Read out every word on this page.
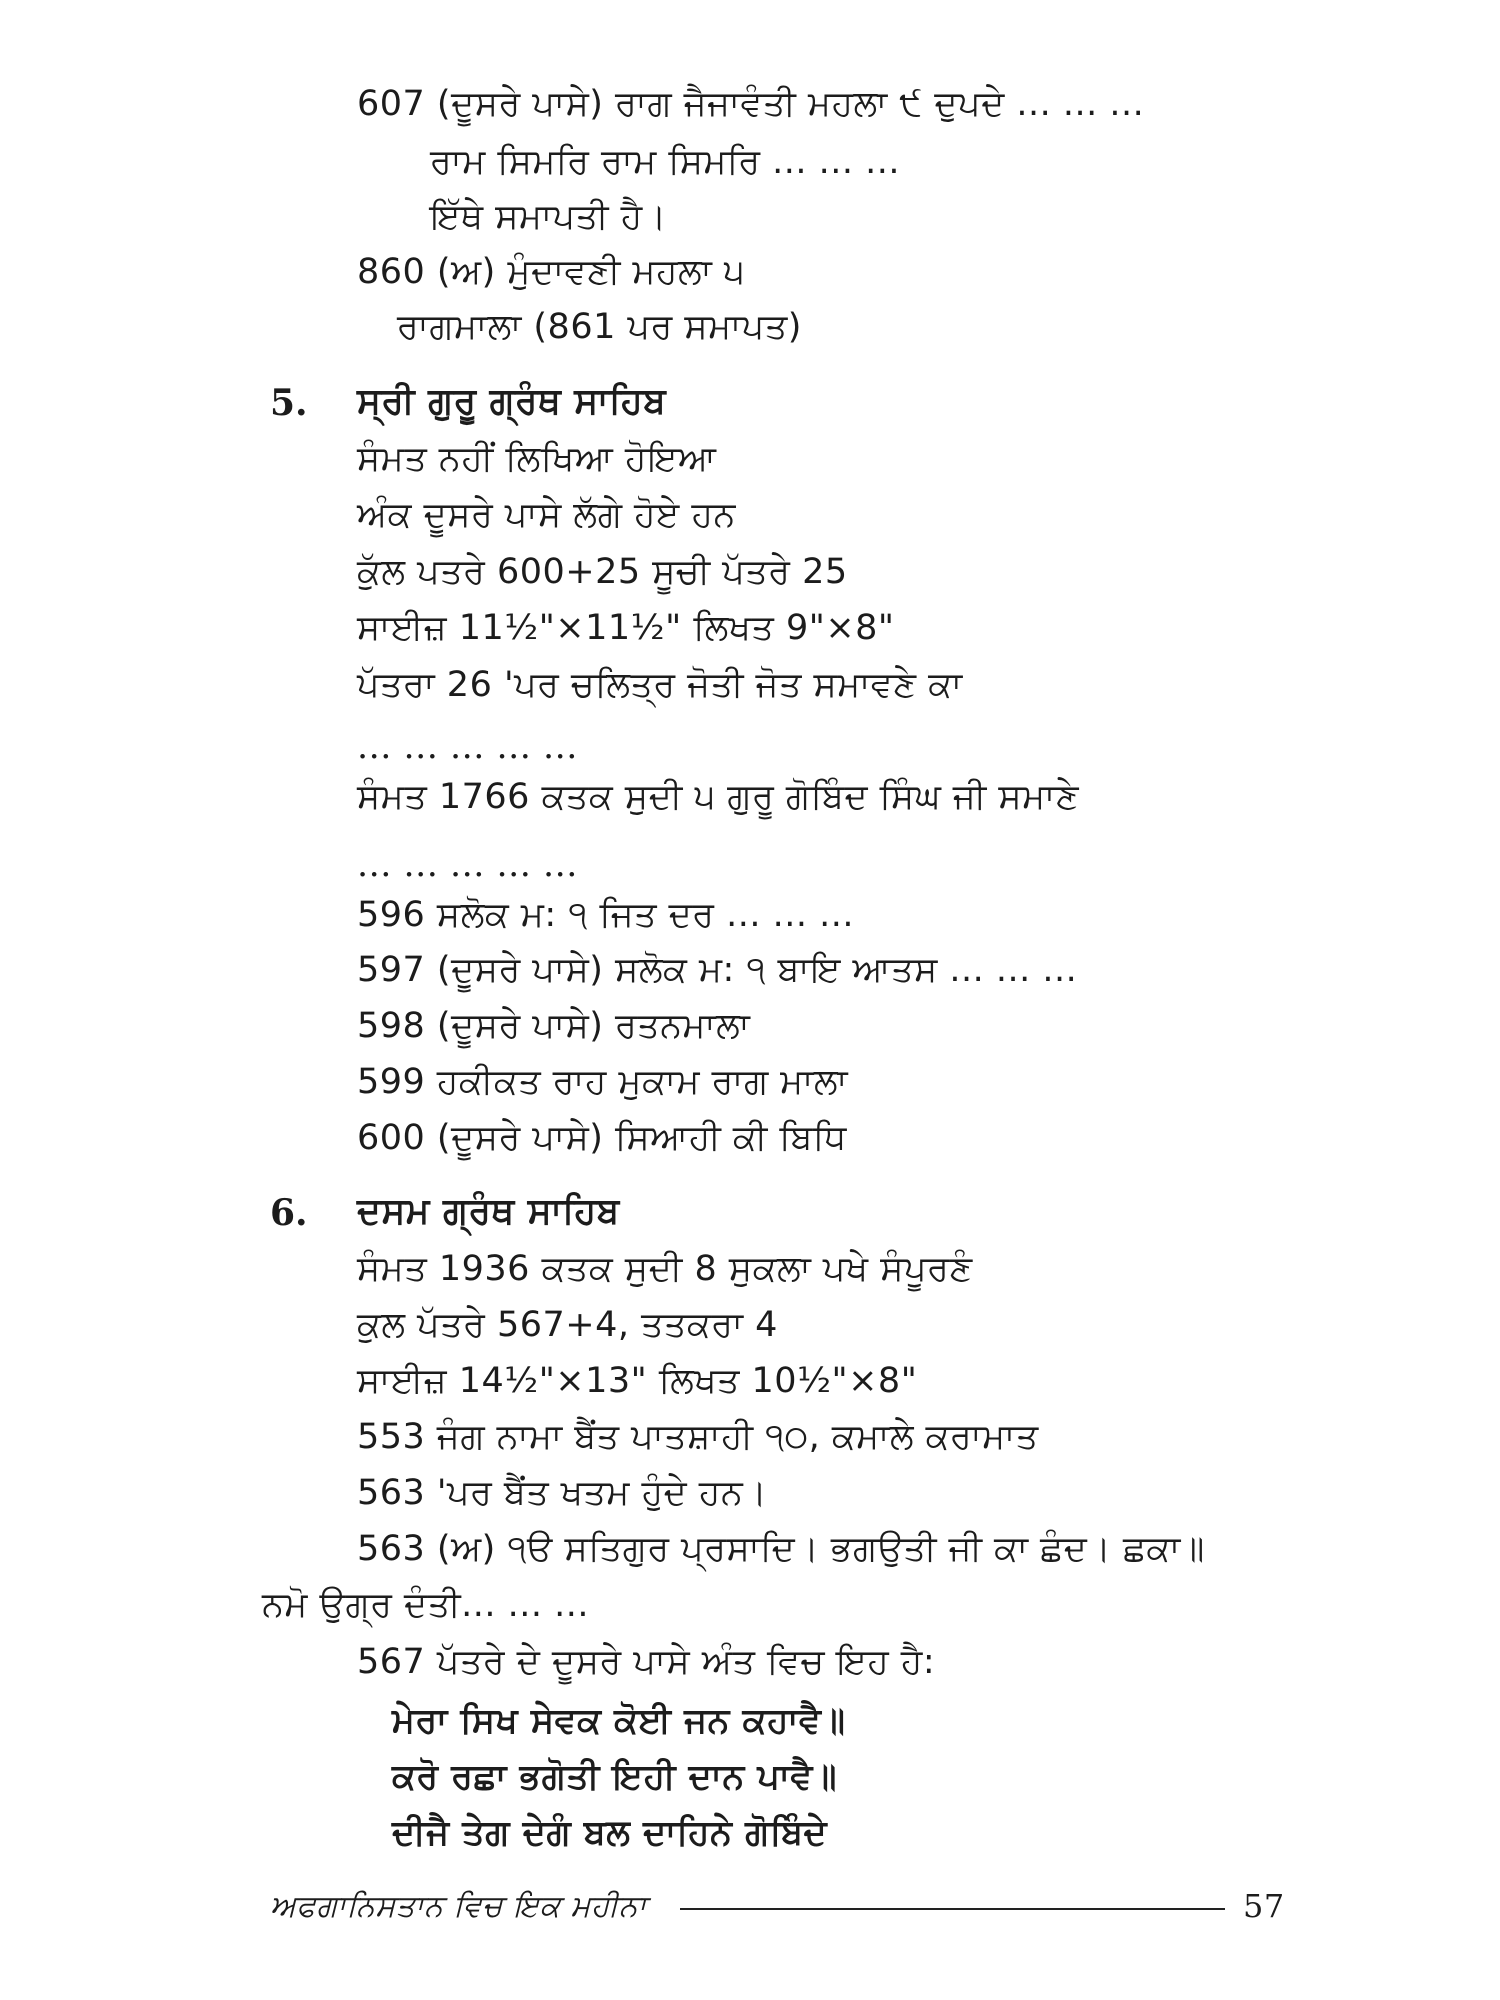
607 (ਦੂਸਰੇ ਪਾਸੇ) ਰਾਗ ਜੈਜਾਵੰਤੀ ਮਹਲਾ ੯ ਦੁਪਦੇ ... ... ...
ਰਾਮ ਸਿਮਰਿ ਰਾਮ ਸਿਮਰਿ ... ... ...
ਇੱਥੇ ਸਮਾਪਤੀ ਹੈ।
860 (ਅ) ਮੁੰਦਾਵਣੀ ਮਹਲਾ ੫
ਰਾਗਮਾਲਾ (861 ਪਰ ਸਮਾਪਤ)
5. ਸ੍ਰੀ ਗੁਰੂ ਗ੍ਰੰਥ ਸਾਹਿਬ
ਸੰਮਤ ਨਹੀਂ ਲਿਖਿਆ ਹੋਇਆ
ਅੰਕ ਦੂਸਰੇ ਪਾਸੇ ਲੱਗੇ ਹੋਏ ਹਨ
ਕੁੱਲ ਪਤਰੇ 600+25 ਸੂਚੀ ਪੱਤਰੇ 25
ਸਾਈਜ਼ 11½"×11½" ਲਿਖਤ 9"×8"
ਪੱਤਰਾ 26 'ਪਰ ਚਲਿਤ੍ਰ ਜੋਤੀ ਜੋਤ ਸਮਾਵਣੇ ਕਾ
... ... ... ... ...
ਸੰਮਤ 1766 ਕਤਕ ਸੁਦੀ ੫ ਗੁਰੂ ਗੋਬਿੰਦ ਸਿੰਘ ਜੀ ਸਮਾਣੇ
... ... ... ... ...
596 ਸਲੋਕ ਮ: ੧ ਜਿਤ ਦਰ ... ... ...
597 (ਦੂਸਰੇ ਪਾਸੇ) ਸਲੋਕ ਮ: ੧ ਬਾਇ ਆਤਸ ... ... ...
598 (ਦੂਸਰੇ ਪਾਸੇ) ਰਤਨਮਾਲਾ
599 ਹਕੀਕਤ ਰਾਹ ਮੁਕਾਮ ਰਾਗ ਮਾਲਾ
600 (ਦੂਸਰੇ ਪਾਸੇ) ਸਿਆਹੀ ਕੀ ਬਿਧਿ
6. ਦਸਮ ਗ੍ਰੰਥ ਸਾਹਿਬ
ਸੰਮਤ 1936 ਕਤਕ ਸੁਦੀ 8 ਸੁਕਲਾ ਪਖੇ ਸੰਪੂਰਣੰ
ਕੁਲ ਪੱਤਰੇ 567+4, ਤਤਕਰਾ 4
ਸਾਈਜ਼ 14½"×13" ਲਿਖਤ 10½"×8"
553 ਜੰਗ ਨਾਮਾ ਬੈਂਤ ਪਾਤਸ਼ਾਹੀ ੧੦, ਕਮਾਲੇ ਕਰਾਮਾਤ
563 'ਪਰ ਬੈਂਤ ਖਤਮ ਹੁੰਦੇ ਹਨ।
563 (ਅ) ੧ੳ ਸਤਿਗੁਰ ਪ੍ਰਸਾਦਿ। ਭਗਉਤੀ ਜੀ ਕਾ ਛੰਦ। ਛਕਾ॥
ਨਮੋ ਉਗ੍ਰ ਦੰਤੀ... ... ...
567 ਪੱਤਰੇ ਦੇ ਦੂਸਰੇ ਪਾਸੇ ਅੰਤ ਵਿਚ ਇਹ ਹੈ:
ਮੇਰਾ ਸਿਖ ਸੇਵਕ ਕੋਈ ਜਨ ਕਹਾਵੈ॥
ਕਰੋ ਰਛਾ ਭਗੋਤੀ ਇਹੀ ਦਾਨ ਪਾਵੈ॥
ਦੀਜੈ ਤੇਗ ਦੇਗੰ ਬਲ ਦਾਹਿਨੇ ਗੋਬਿੰਦੇ
ਅਫਗਾਨਿਸਤਾਨ ਵਿਚ ਇਕ ਮਹੀਨਾ	57
